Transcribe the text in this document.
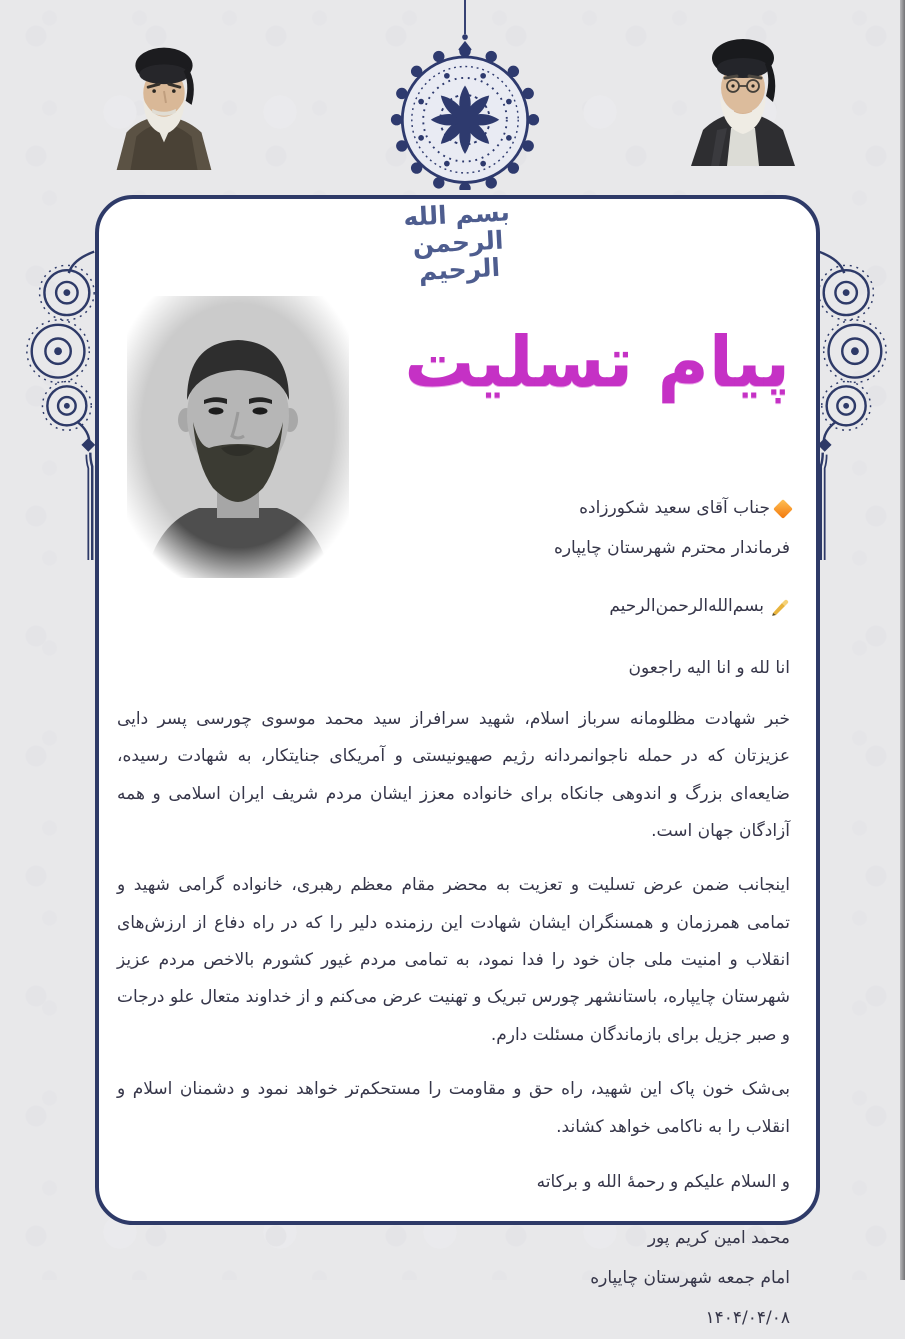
بسم الله الرحمن الرحیم
پیام تسلیت
جناب آقای سعید شکورزاده
فرماندار محترم شهرستان چایپاره
بسم‌الله‌الرحمن‌الرحیم
انا لله و انا الیه راجعون

خبر شهادت مظلومانه سرباز اسلام، شهید سرافراز سید محمد موسوی چورسی پسر دایی عزیزتان که در حمله ناجوانمردانه رژیم صهیونیستی و آمریکای جنایتکار، به شهادت رسیده، ضایعه‌ای بزرگ و اندوهی جانکاه برای خانواده معزز ایشان مردم شریف ایران اسلامی و همه آزادگان جهان است.

اینجانب ضمن عرض تسلیت و تعزیت به محضر مقام معظم رهبری، خانواده گرامی شهید و تمامی همرزمان و همسنگران ایشان شهادت این رزمنده دلیر را که در راه دفاع از ارزش‌های انقلاب و امنیت ملی جان خود را فدا نمود، به تمامی مردم غیور کشورم بالاخص مردم عزیز شهرستان چایپاره، باستانشهر چورس تبریک و تهنیت عرض می‌کنم و از خداوند متعال علو درجات و صبر جزیل برای بازماندگان مسئلت دارم.

بی‌شک خون پاک این شهید، راه حق و مقاومت را مستحکم‌تر خواهد نمود و دشمنان اسلام و انقلاب را به ناکامی خواهد کشاند.

و السلام علیکم و رحمهٔ الله و برکاته
محمد امین کریم پور
امام جمعه شهرستان چایپاره
۱۴۰۴/۰۴/۰۸
